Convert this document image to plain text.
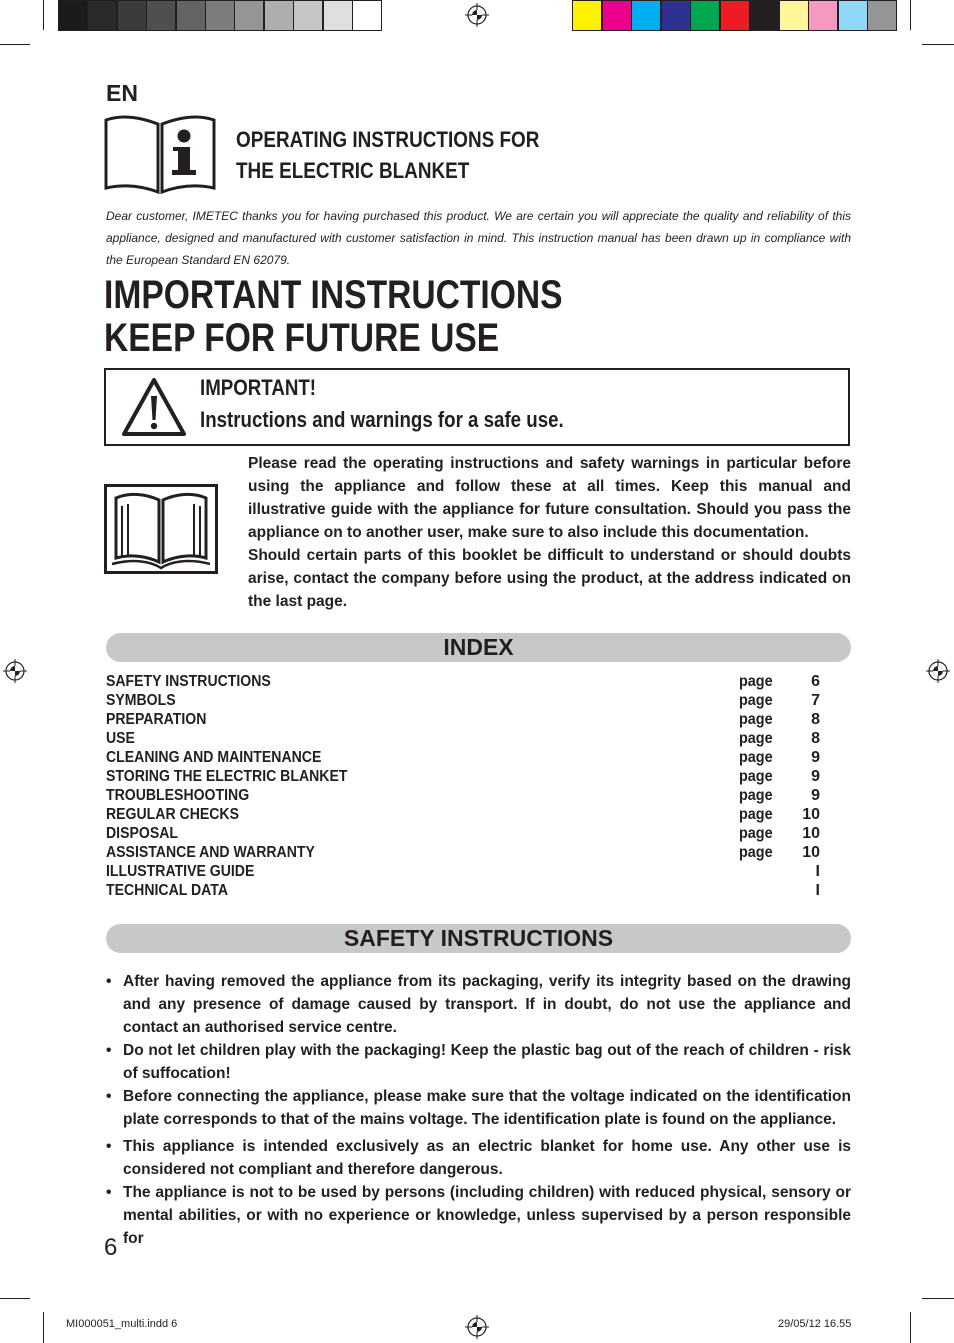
EN
OPERATING INSTRUCTIONS FOR
THE ELECTRIC BLANKET
Dear customer, IMETEC thanks you for having purchased this product. We are certain you will appreciate the quality and reliability of this appliance, designed and manufactured with customer satisfaction in mind. This instruction manual has been drawn up in compliance with the European Standard EN 62079.
IMPORTANT INSTRUCTIONS
KEEP FOR FUTURE USE
IMPORTANT!
Instructions and warnings for a safe use.

Please read the operating instructions and safety warnings in particular before using the appliance and follow these at all times. Keep this manual and illustrative guide with the appliance for future consultation. Should you pass the appliance on to another user, make sure to also include this documentation.

Should certain parts of this booklet be difficult to understand or should doubts arise, contact the company before using the product, at the address indicated on the last page.

INDEX
SAFETY INSTRUCTIONS	page	6
SYMBOLS	page	7
PREPARATION	page	8
USE	page	8
CLEANING AND MAINTENANCE	page	9
STORING THE ELECTRIC BLANKET	page	9
TROUBLESHOOTING	page	9
REGULAR CHECKS	page	10
DISPOSAL	page	10
ASSISTANCE AND WARRANTY	page	10
ILLUSTRATIVE GUIDE	I
TECHNICAL DATA	I
SAFETY INSTRUCTIONS
• After having removed the appliance from its packaging, verify its integrity based on the drawing and any presence of damage caused by transport. If in doubt, do not use the appliance and contact an authorised service centre.
• Do not let children play with the packaging! Keep the plastic bag out of the reach of children - risk of suffocation!
• Before connecting the appliance, please make sure that the voltage indicated on the identification plate corresponds to that of the mains voltage. The identification plate is found on the appliance.
• This appliance is intended exclusively as an electric blanket for home use. Any other use is considered not compliant and therefore dangerous.
• The appliance is not to be used by persons (including children) with reduced physical, sensory or mental abilities, or with no experience or knowledge, unless supervised by a person responsible for
6
MI000051_multi.indd 6	29/05/12 16.55
